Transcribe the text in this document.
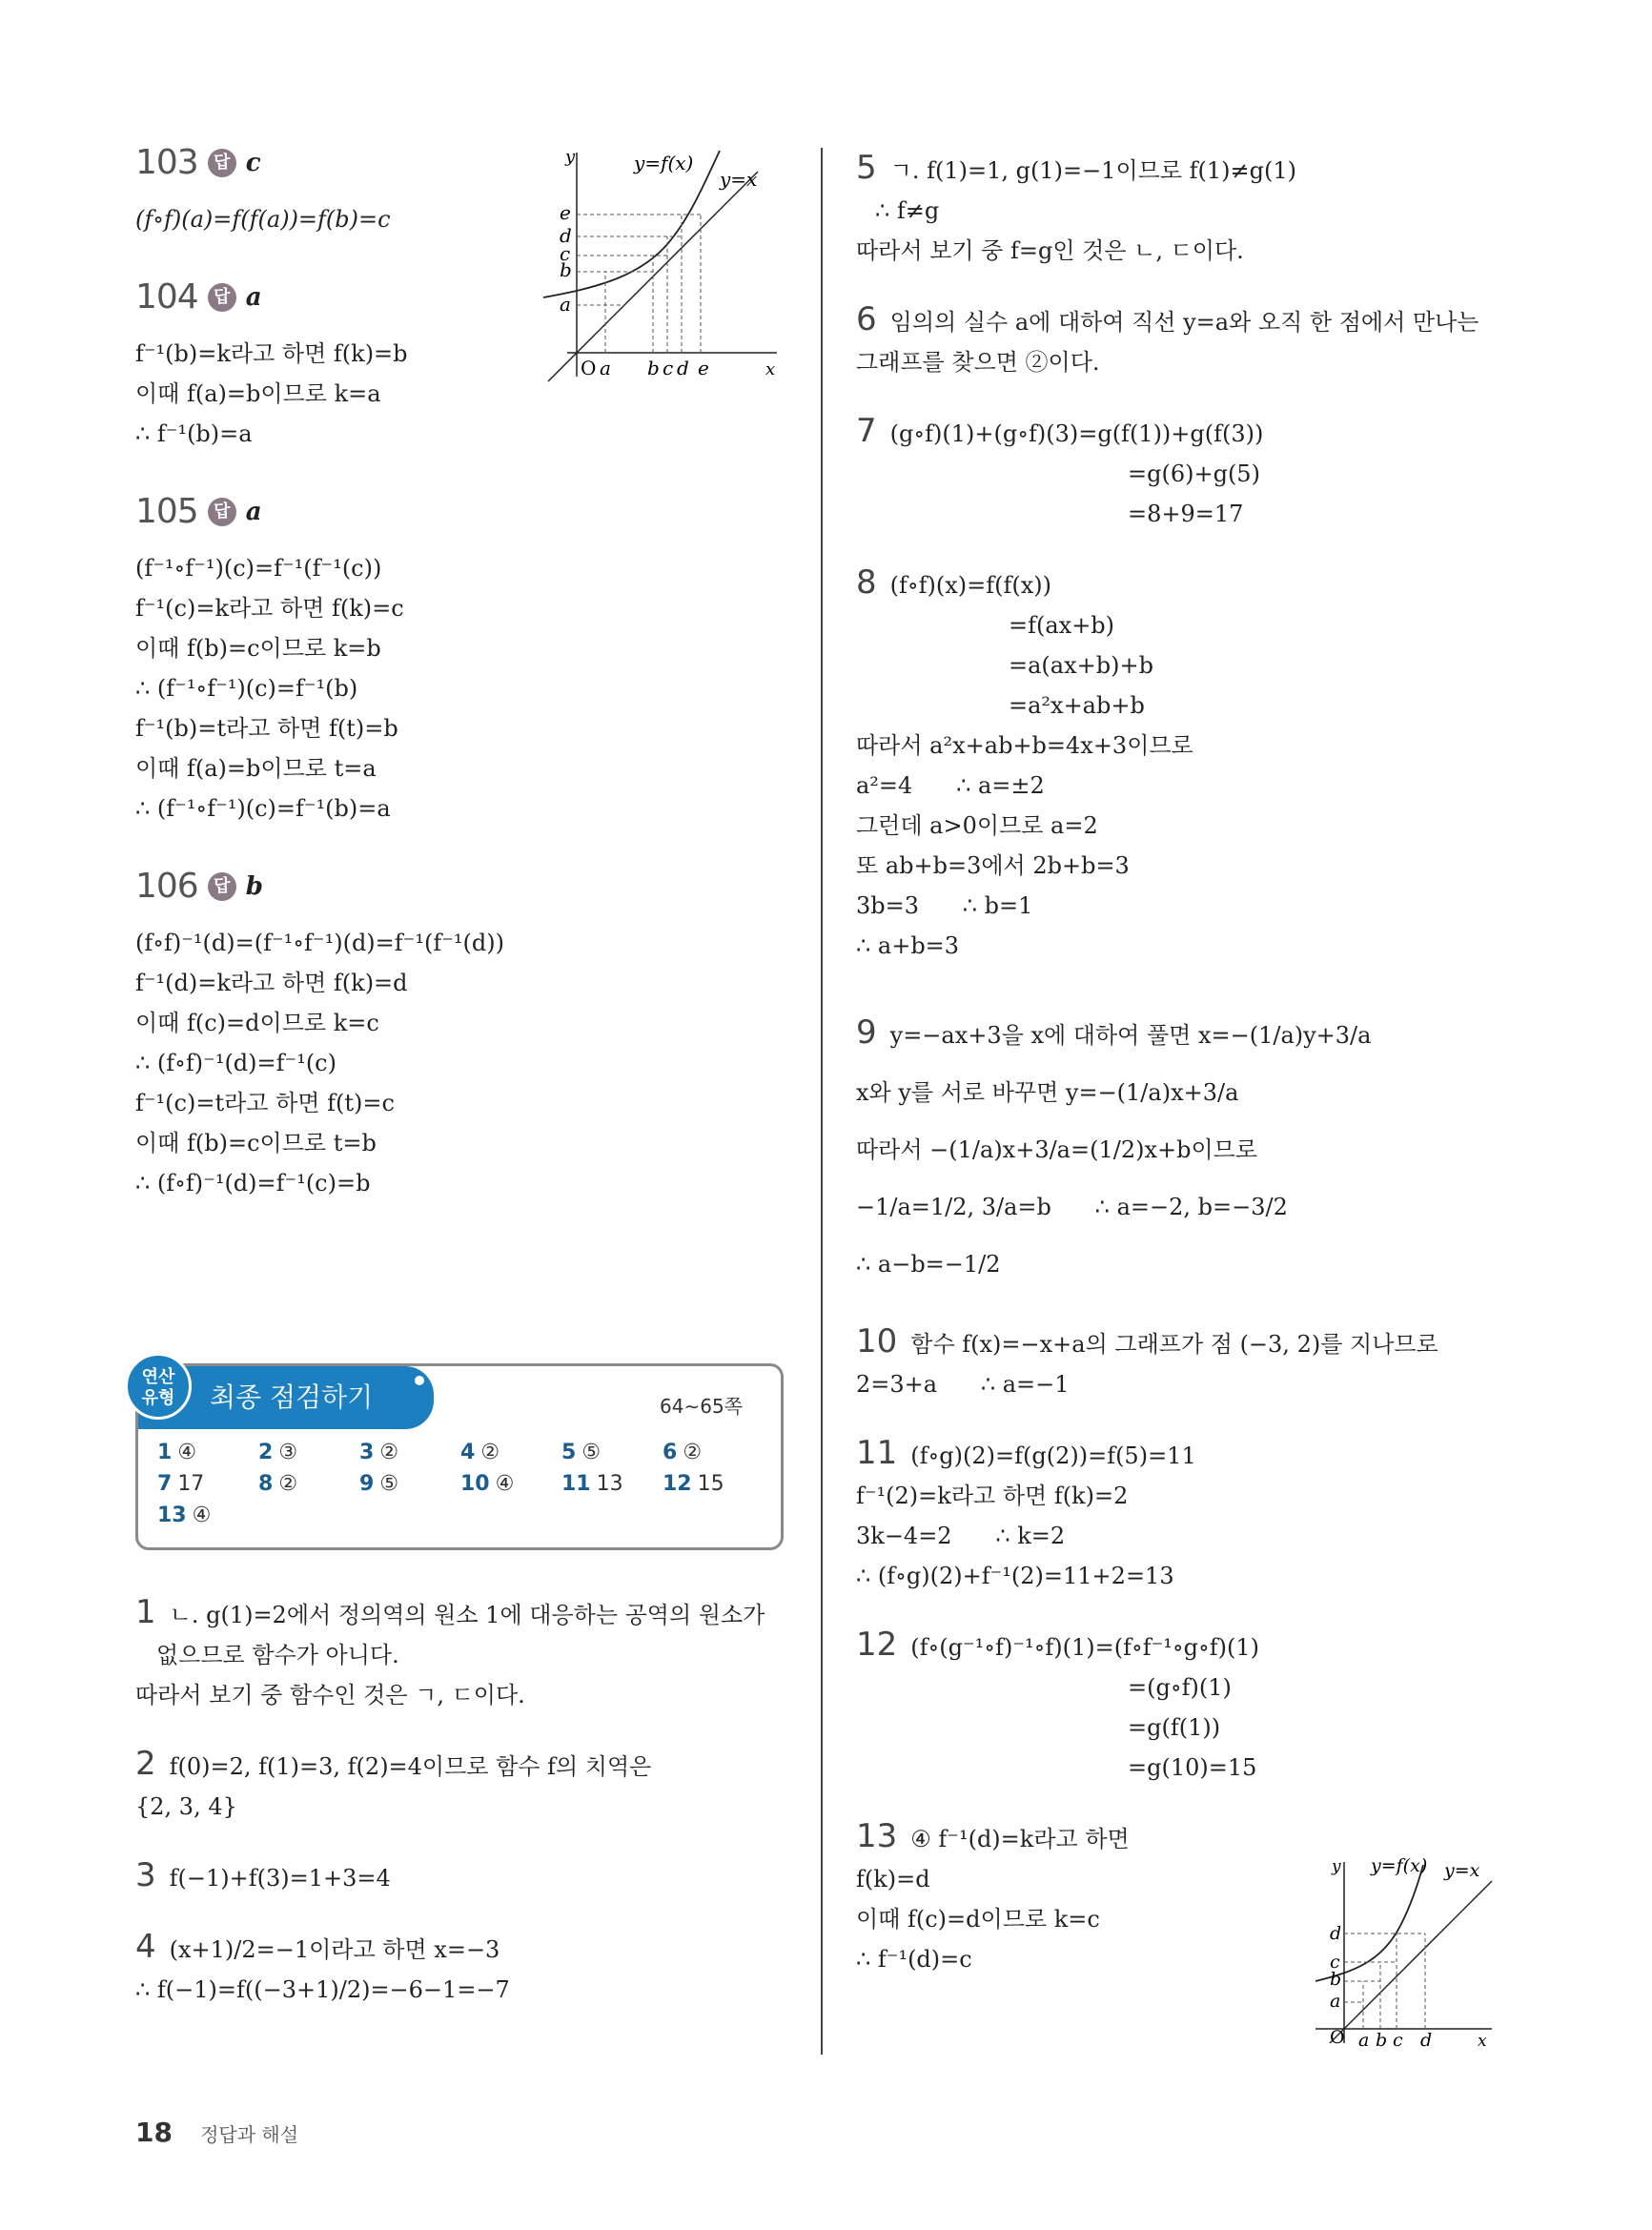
103 답 c
(f∘f)(a)=f(f(a))=f(b)=c
104 답 a
f⁻¹(b)=k라고 하면 f(k)=b
이때 f(a)=b이므로 k=a
∴ f⁻¹(b)=a
105 답 a
(f⁻¹∘f⁻¹)(c)=f⁻¹(f⁻¹(c))
f⁻¹(c)=k라고 하면 f(k)=c
이때 f(b)=c이므로 k=b
∴ (f⁻¹∘f⁻¹)(c)=f⁻¹(b)
f⁻¹(b)=t라고 하면 f(t)=b
이때 f(a)=b이므로 t=a
∴ (f⁻¹∘f⁻¹)(c)=f⁻¹(b)=a
106 답 b
(f∘f)⁻¹(d)=(f⁻¹∘f⁻¹)(d)=f⁻¹(f⁻¹(d))
f⁻¹(d)=k라고 하면 f(k)=d
이때 f(c)=d이므로 k=c
∴ (f∘f)⁻¹(d)=f⁻¹(c)
f⁻¹(c)=t라고 하면 f(t)=c
이때 f(b)=c이므로 t=b
∴ (f∘f)⁻¹(d)=f⁻¹(c)=b
y=f(x)
y=x
y
x
O
e
d
c
b
a
a b c d e
연산
유형	최종 점검하기	64∼65쪽
1 ④	2 ③	3 ②	4 ②	5 ⑤	6 ②
7 17	8 ②	9 ⑤	10 ④	11 13	12 15
13 ④
1 ㄴ. g(1)=2에서 정의역의 원소 1에 대응하는 공역의 원소가
없으므로 함수가 아니다.
따라서 보기 중 함수인 것은 ㄱ, ㄷ이다.
2 f(0)=2, f(1)=3, f(2)=4이므로 함수 f의 치역은
{2, 3, 4}
3 f(−1)+f(3)=1+3=4
4 (x+1)/2=−1이라고 하면 x=−3
∴ f(−1)=f((−3+1)/2)=−6−1=−7
5 ㄱ. f(1)=1, g(1)=−1이므로 f(1)≠g(1)
∴ f≠g
따라서 보기 중 f=g인 것은 ㄴ, ㄷ이다.
6 임의의 실수 a에 대하여 직선 y=a와 오직 한 점에서 만나는
그래프를 찾으면 ②이다.
7 (g∘f)(1)+(g∘f)(3)=g(f(1))+g(f(3))
=g(6)+g(5)
=8+9=17
8 (f∘f)(x)=f(f(x))
=f(ax+b)
=a(ax+b)+b
=a²x+ab+b
따라서 a²x+ab+b=4x+3이므로
a²=4      ∴ a=±2
그런데 a>0이므로 a=2
또 ab+b=3에서 2b+b=3
3b=3      ∴ b=1
∴ a+b=3
9 y=−ax+3을 x에 대하여 풀면 x=−(1/a)y+3/a
x와 y를 서로 바꾸면 y=−(1/a)x+3/a
따라서 −(1/a)x+3/a=(1/2)x+b이므로
−1/a=1/2, 3/a=b      ∴ a=−2, b=−3/2
∴ a−b=−1/2
10 함수 f(x)=−x+a의 그래프가 점 (−3, 2)를 지나므로
2=3+a      ∴ a=−1
11 (f∘g)(2)=f(g(2))=f(5)=11
f⁻¹(2)=k라고 하면 f(k)=2
3k−4=2      ∴ k=2
∴ (f∘g)(2)+f⁻¹(2)=11+2=13
12 (f∘(g⁻¹∘f)⁻¹∘f)(1)=(f∘f⁻¹∘g∘f)(1)
=(g∘f)(1)
=g(f(1))
=g(10)=15
13 ④ f⁻¹(d)=k라고 하면
f(k)=d
이때 f(c)=d이므로 k=c
∴ f⁻¹(d)=c
y=f(x) y=x
y
x
O
d
c
b
a
a b c d
18 정답과 해설
